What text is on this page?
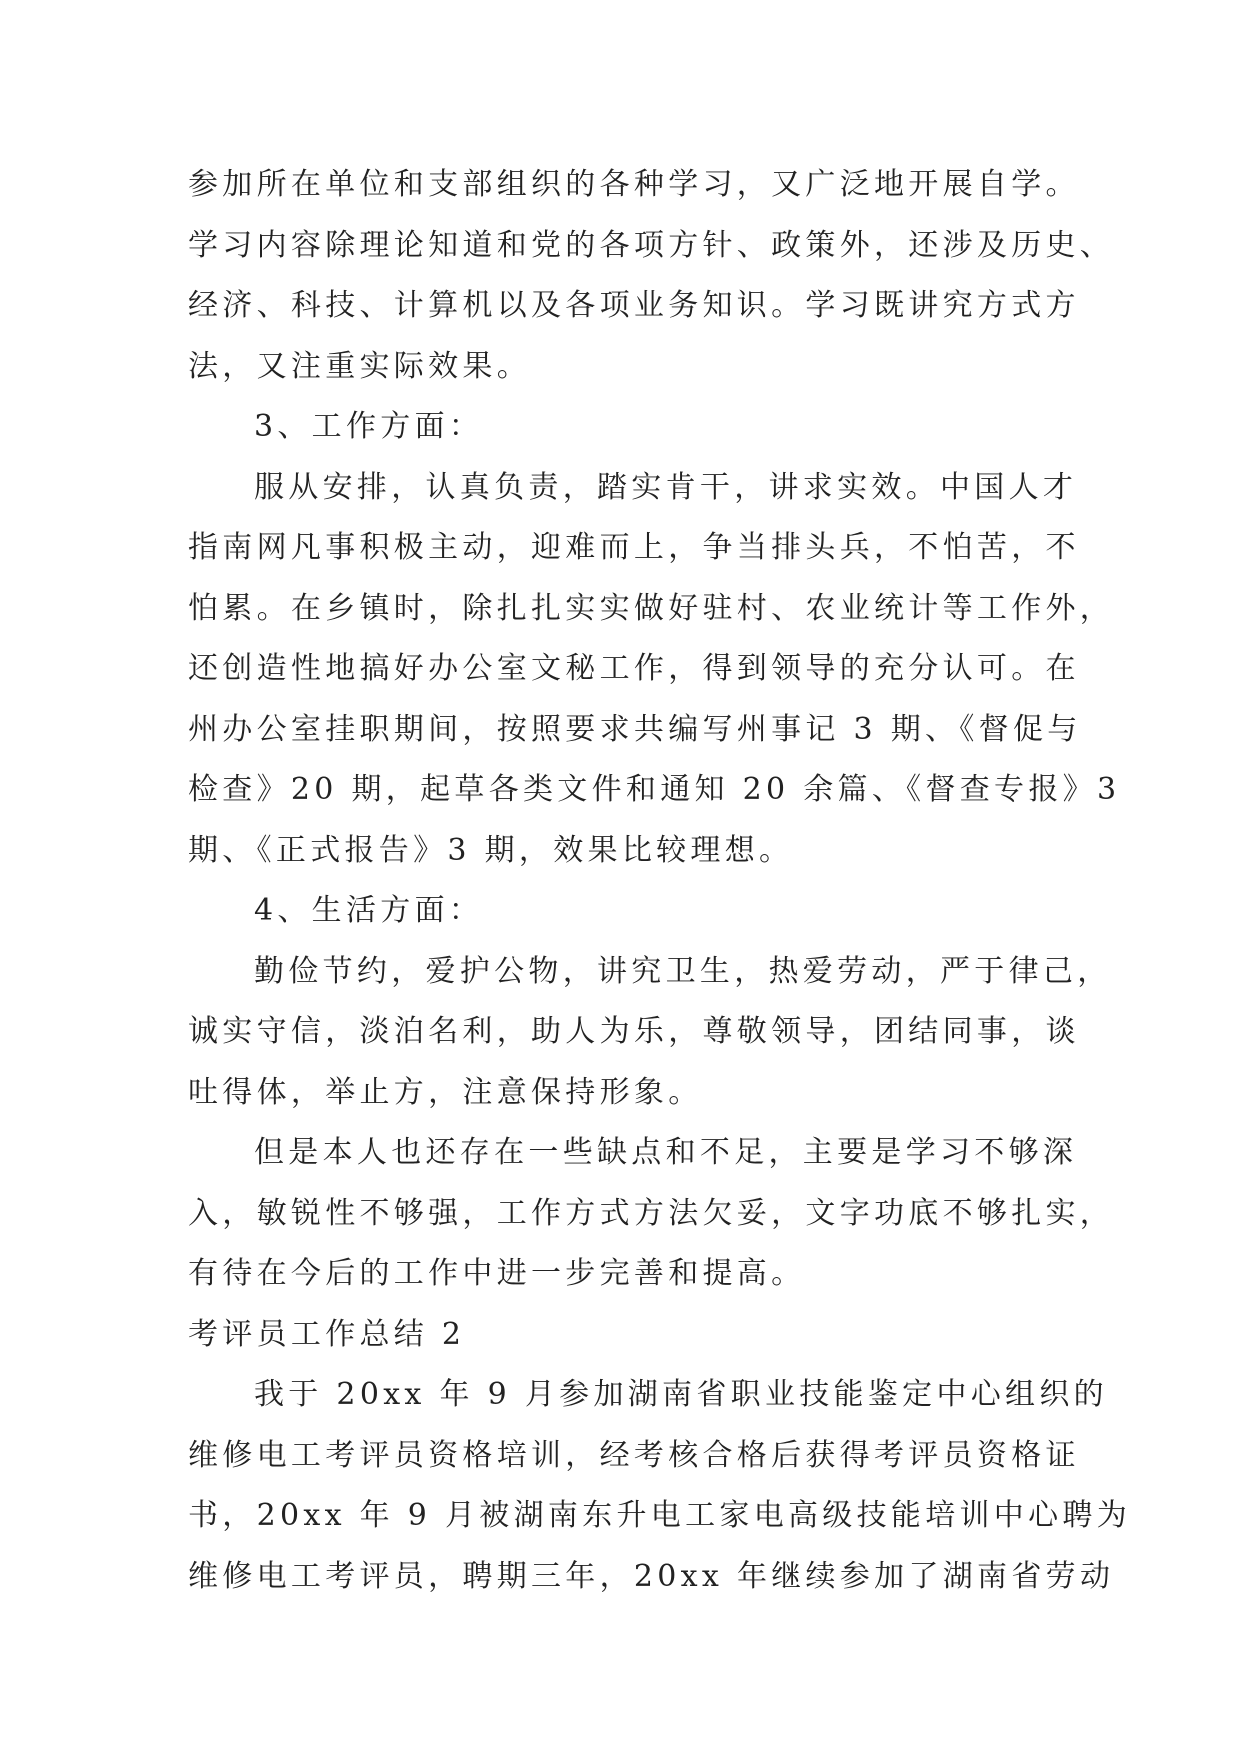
参加所在单位和支部组织的各种学习，又广泛地开展自学。
学习内容除理论知道和党的各项方针、政策外，还涉及历史、
经济、科技、计算机以及各项业务知识。学习既讲究方式方
法，又注重实际效果。
3、工作方面：
服从安排，认真负责，踏实肯干，讲求实效。中国人才
指南网凡事积极主动，迎难而上，争当排头兵，不怕苦，不
怕累。在乡镇时，除扎扎实实做好驻村、农业统计等工作外，
还创造性地搞好办公室文秘工作，得到领导的充分认可。在
州办公室挂职期间，按照要求共编写州事记 3 期、《督促与
检查》20 期，起草各类文件和通知 20 余篇、《督查专报》3
期、《正式报告》3 期，效果比较理想。
4、生活方面：
勤俭节约，爱护公物，讲究卫生，热爱劳动，严于律己，
诚实守信，淡泊名利，助人为乐，尊敬领导，团结同事，谈
吐得体，举止方，注意保持形象。
但是本人也还存在一些缺点和不足，主要是学习不够深
入，敏锐性不够强，工作方式方法欠妥，文字功底不够扎实，
有待在今后的工作中进一步完善和提高。
考评员工作总结 2
我于 20xx 年 9 月参加湖南省职业技能鉴定中心组织的
维修电工考评员资格培训，经考核合格后获得考评员资格证
书，20xx 年 9 月被湖南东升电工家电高级技能培训中心聘为
维修电工考评员，聘期三年，20xx 年继续参加了湖南省劳动
